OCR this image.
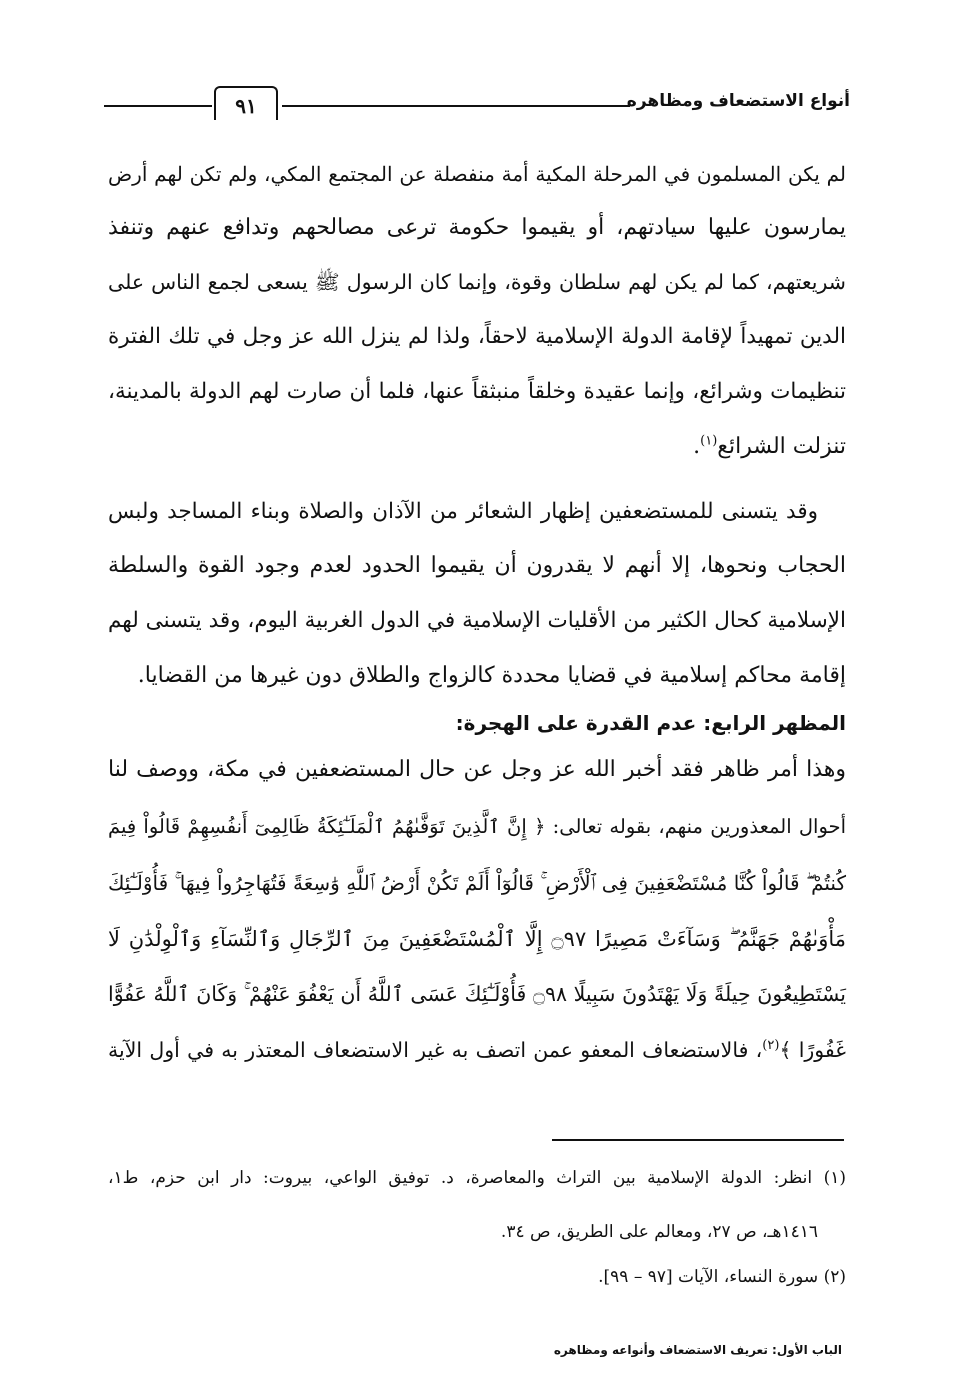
أنواع الاستضعاف ومظاهره
٩١
لم يكن المسلمون في المرحلة المكية أمة منفصلة عن المجتمع المكي، ولم تكن لهم أرض
يمارسون عليها سيادتهم، أو يقيموا حكومة ترعى مصالحهم وتدافع عنهم وتنفذ
شريعتهم، كما لم يكن لهم سلطان وقوة، وإنما كان الرسول ﷺ يسعى لجمع الناس على
الدين تمهيداً لإقامة الدولة الإسلامية لاحقاً، ولذا لم ينزل الله عز وجل في تلك الفترة
تنظيمات وشرائع، وإنما عقيدة وخلقاً منبثقاً عنها، فلما أن صارت لهم الدولة بالمدينة،
تنزلت الشرائع$^{(١)}$.
وقد يتسنى للمستضعفين إظهار الشعائر من الآذان والصلاة وبناء المساجد ولبس
الحجاب ونحوها، إلا أنهم لا يقدرون أن يقيموا الحدود لعدم وجود القوة والسلطة
الإسلامية كحال الكثير من الأقليات الإسلامية في الدول الغربية اليوم، وقد يتسنى لهم
إقامة محاكم إسلامية في قضايا محددة كالزواج والطلاق دون غيرها من القضايا.
المظهر الرابع: عدم القدرة على الهجرة:
وهذا أمر ظاهر فقد أخبر الله عز وجل عن حال المستضعفين في مكة، ووصف لنا
أحوال المعذورين منهم، بقوله تعالى: ﴿ إِنَّ ٱلَّذِينَ تَوَفَّىٰهُمُ ٱلْمَلَـٰٓئِكَةُ ظَالِمِىٓ أَنفُسِهِمْ قَالُواْ فِيمَ
كُنتُمْ ۖ قَالُواْ كُنَّا مُسْتَضْعَفِينَ فِى ٱلْأَرْضِ ۚ قَالُوٓاْ أَلَمْ تَكُنْ أَرْضُ ٱللَّهِ وَٰسِعَةً فَتُهَاجِرُواْ فِيهَا ۚ فَأُوْلَـٰٓئِكَ
مَأْوَىٰهُمْ جَهَنَّمُ ۖ وَسَآءَتْ مَصِيرًا ۝٩٧ إِلَّا ٱلْمُسْتَضْعَفِينَ مِنَ ٱلرِّجَالِ وَٱلنِّسَآءِ وَٱلْوِلْدَٰنِ لَا
يَسْتَطِيعُونَ حِيلَةً وَلَا يَهْتَدُونَ سَبِيلًا ۝٩٨ فَأُوْلَـٰٓئِكَ عَسَى ٱللَّهُ أَن يَعْفُوَ عَنْهُمْ ۚ وَكَانَ ٱللَّهُ عَفُوًّا
غَفُورًا ﴾$^{(٢)}$، فالاستضعاف المعفو عمن اتصف به غير الاستضعاف المعتذر به في أول الآية
(١) انظر: الدولة الإسلامية بين التراث والمعاصرة، د. توفيق الواعي، بيروت: دار ابن حزم، ط١،
١٤١٦هـ، ص ٢٧، ومعالم على الطريق، ص ٣٤.
(٢) سورة النساء، الآيات [٩٧ – ٩٩].
الباب الأول: تعريف الاستضعاف وأنواعه ومظاهره
